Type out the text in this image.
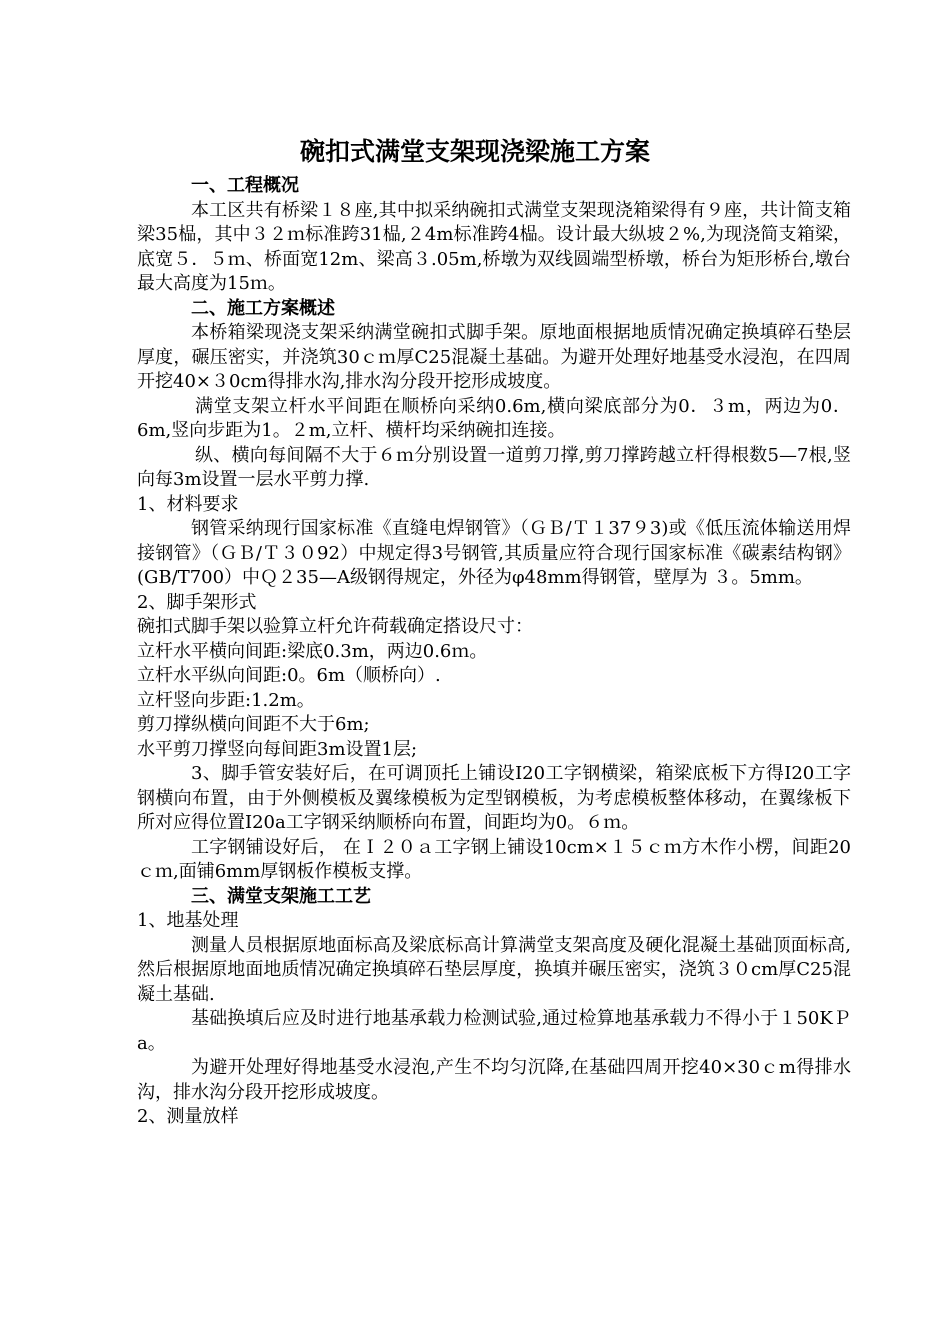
碗扣式满堂支架现浇梁施工方案

一、工程概况

本工区共有桥梁１８座,其中拟采纳碗扣式满堂支架现浇箱梁得有９座，共计简支箱梁35榀，其中３２ｍ标准跨31榀,２4m标准跨4榀。设计最大纵坡２%,为现浇简支箱梁，底宽５．５ｍ、桥面宽12m、梁高３.05m,桥墩为双线圆端型桥墩，桥台为矩形桥台,墩台最大高度为15ｍ。

二、施工方案概述

本桥箱梁现浇支架采纳满堂碗扣式脚手架。原地面根据地质情况确定换填碎石垫层厚度，碾压密实，并浇筑30ｃｍ厚C25混凝土基础。为避开处理好地基受水浸泡，在四周开挖40×３0cm得排水沟,排水沟分段开挖形成坡度。

满堂支架立杆水平间距在顺桥向采纳0.6m,横向梁底部分为0．３m，两边为0．6m,竖向步距为1。２m,立杆、横杆均采纳碗扣连接。

纵、横向每间隔不大于６ｍ分别设置一道剪刀撑,剪刀撑跨越立杆得根数5—7根,竖向每3m设置一层水平剪力撑.

1、材料要求

钢管采纳现行国家标准《直缝电焊钢管》（ＧＢ/Ｔ１37９3)或《低压流体输送用焊接钢管》（ＧＢ/Ｔ３０92）中规定得3号钢管,其质量应符合现行国家标准《碳素结构钢》(GB/T700）中Ｑ２35—A级钢得规定，外径为φ48mm得钢管，壁厚为 ３。5mm。

2、脚手架形式

碗扣式脚手架以验算立杆允许荷载确定搭设尺寸：

立杆水平横向间距:梁底0.3m，两边0.6ｍ。

立杆水平纵向间距:0。6m（顺桥向）.

立杆竖向步距:1.2m。

剪刀撑纵横向间距不大于6m;

水平剪刀撑竖向每间距3m设置1层;

3、脚手管安装好后，在可调顶托上铺设I20工字钢横梁，箱梁底板下方得I20工字钢横向布置，由于外侧模板及翼缘模板为定型钢模板，为考虑模板整体移动，在翼缘板下所对应得位置I20a工字钢采纳顺桥向布置，间距均为0。６ｍ。

工字钢铺设好后， 在Ｉ２０ａ工字钢上铺设10cm×１５ｃｍ方木作小楞，间距20ｃｍ,面铺6mm厚钢板作模板支撑。

三、满堂支架施工工艺

1、地基处理

测量人员根据原地面标高及梁底标高计算满堂支架高度及硬化混凝土基础顶面标高,然后根据原地面地质情况确定换填碎石垫层厚度，换填并碾压密实，浇筑３０cm厚C25混凝土基础.

基础换填后应及时进行地基承载力检测试验,通过检算地基承载力不得小于１50KＰa。

为避开处理好得地基受水浸泡,产生不均匀沉降,在基础四周开挖40×30ｃm得排水沟，排水沟分段开挖形成坡度。

2、测量放样
